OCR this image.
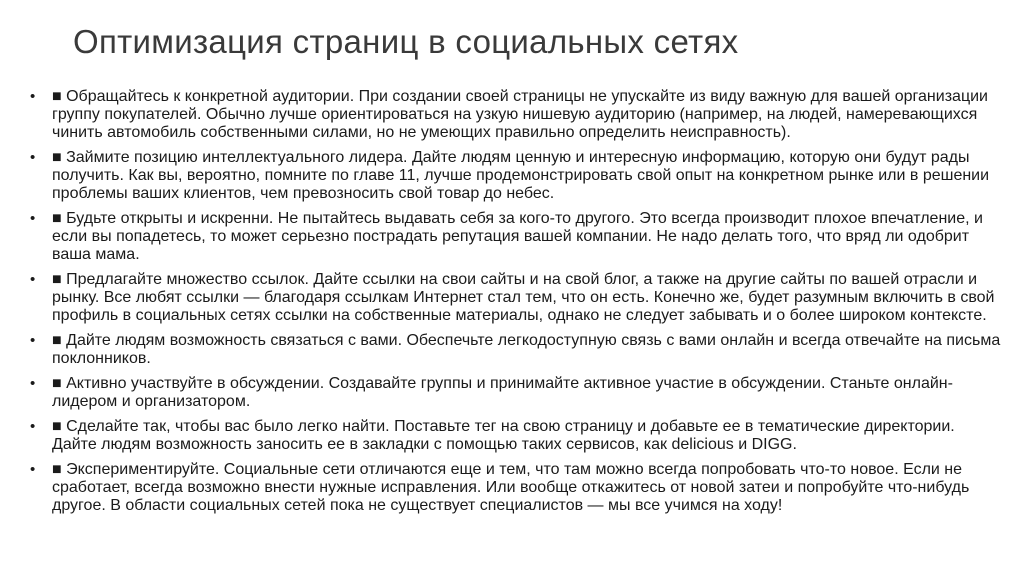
Оптимизация страниц в социальных сетях
•	■ Обращайтесь к конкретной аудитории. При создании своей страницы не упускайте из виду важную для вашей организации группу покупателей. Обычно лучше ориентироваться на узкую нишевую аудиторию (например, на людей, намеревающихся чинить автомобиль собственными силами, но не умеющих правильно определить неисправность).
•	■ Займите позицию интеллектуального лидера. Дайте людям ценную и интересную информацию, которую они будут рады получить. Как вы, вероятно, помните по главе 11, лучше продемонстрировать свой опыт на конкретном рынке или в решении проблемы ваших клиентов, чем превозносить свой товар до небес.
•	■ Будьте открыты и искренни. Не пытайтесь выдавать себя за кого-то другого. Это всегда производит плохое впечатление, и если вы попадетесь, то может серьезно пострадать репутация вашей компании. Не надо делать того, что вряд ли одобрит ваша мама.
•	■ Предлагайте множество ссылок. Дайте ссылки на свои сайты и на свой блог, а также на другие сайты по вашей отрасли и рынку. Все любят ссылки — благодаря ссылкам Интернет стал тем, что он есть. Конечно же, будет разумным включить в свой профиль в социальных сетях ссылки на собственные материалы, однако не следует забывать и о более широком контексте.
•	■ Дайте людям возможность связаться с вами. Обеспечьте легкодоступную связь с вами онлайн и всегда отвечайте на письма поклонников.
•	■ Активно участвуйте в обсуждении. Создавайте группы и принимайте активное участие в обсуждении. Станьте онлайн-лидером и организатором.
•	■ Сделайте так, чтобы вас было легко найти. Поставьте тег на свою страницу и добавьте ее в тематические директории. Дайте людям возможность заносить ее в закладки с помощью таких сервисов, как delicious и DIGG.
•	■ Экспериментируйте. Социальные сети отличаются еще и тем, что там можно всегда попробовать что-то новое. Если не сработает, всегда возможно внести нужные исправления. Или вообще откажитесь от новой затеи и попробуйте что-нибудь другое. В области социальных сетей пока не существует специалистов — мы все учимся на ходу!
